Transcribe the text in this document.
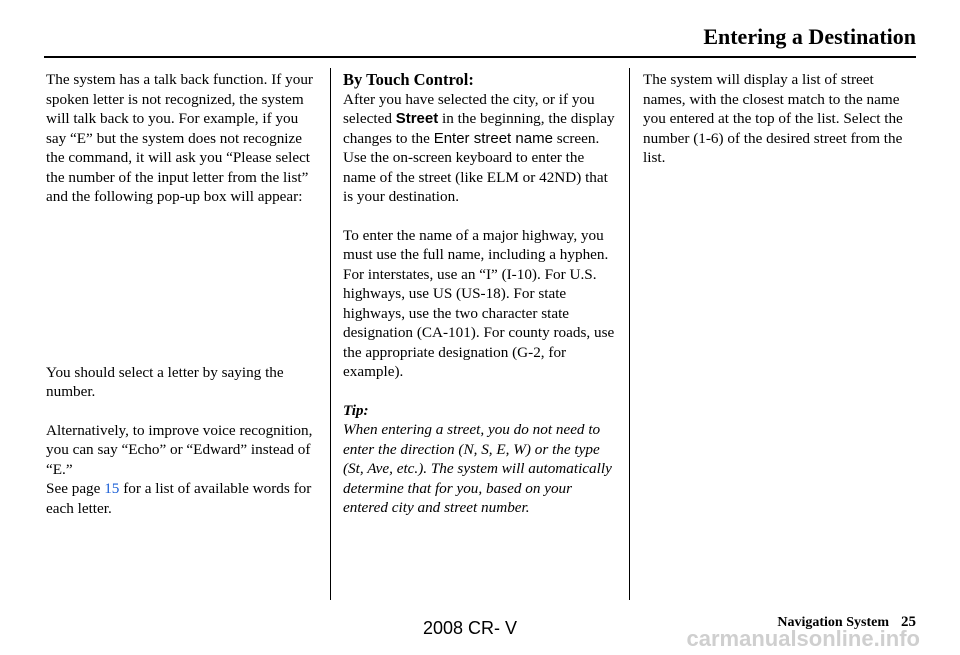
Entering a Destination

The system has a talk back function. If your spoken letter is not recognized, the system will talk back to you. For example, if you say “E” but the system does not recognize the command, it will ask you “Please select the number of the input letter from the list” and the following pop-up box will appear:

You should select a letter by saying the number.

Alternatively, to improve voice recognition, you can say “Echo” or “Edward” instead of “E.”

See page 15 for a list of available words for each letter.

By Touch Control:

After you have selected the city, or if you selected Street in the beginning, the display changes to the Enter street name screen. Use the on-screen keyboard to enter the name of the street (like ELM or 42ND) that is your destination.

To enter the name of a major highway, you must use the full name, including a hyphen. For interstates, use an “I” (I-10). For U.S. highways, use US (US-18). For state highways, use the two character state designation (CA-101). For county roads, use the appropriate designation (G-2, for example).

Tip:

When entering a street, you do not need to enter the direction (N, S, E, W) or the type (St, Ave, etc.). The system will automatically determine that for you, based on your entered city and street number.

The system will display a list of street names, with the closest match to the name you entered at the top of the list. Select the number (1-6) of the desired street from the list.

Navigation System 25
2008 CR- V	carmanualsonline.info
